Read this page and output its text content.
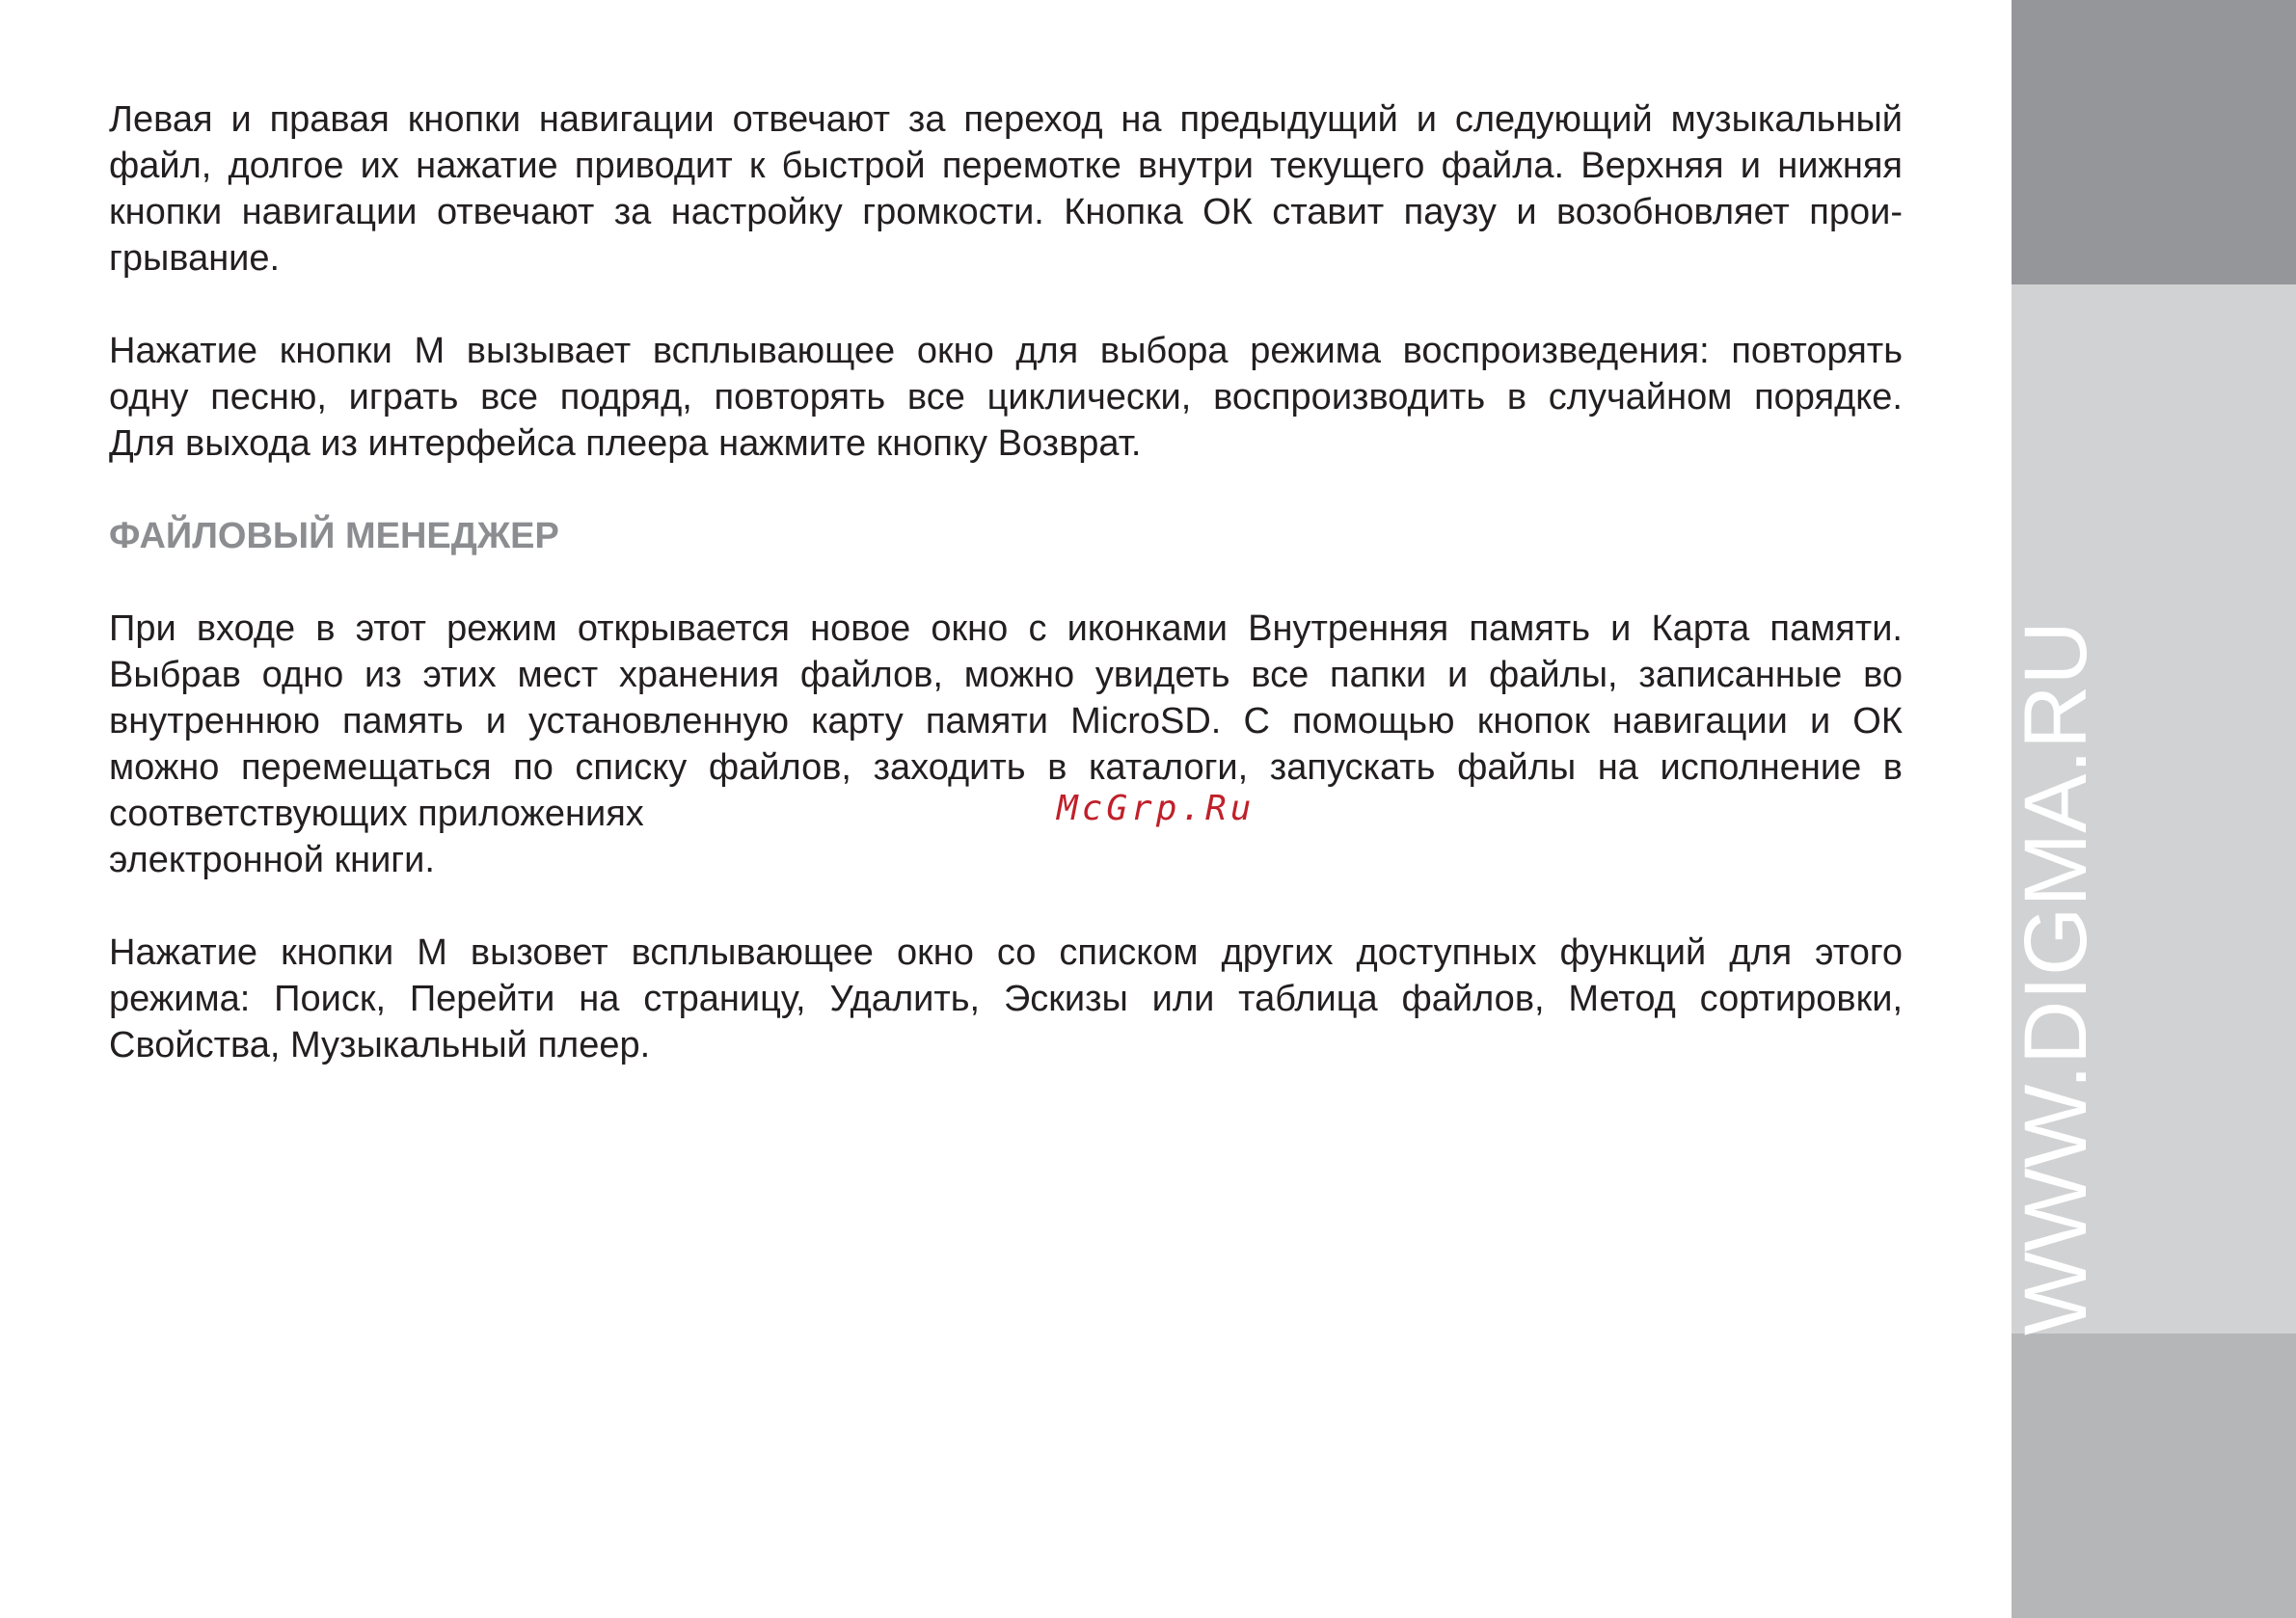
Левая и правая кнопки навигации отвечают за переход на предыдущий и следующий музыкальный
файл, долгое их нажатие приводит к быстрой перемотке внутри текущего файла. Верхняя и нижняя
кнопки навигации отвечают за настройку громкости. Кнопка ОК ставит паузу и возобновляет прои-
грывание.

Нажатие кнопки М вызывает всплывающее окно для выбора режима воспроизведения: повторять
одну песню, играть все подряд, повторять все циклически, воспроизводить в случайном порядке.
Для выхода из интерфейса плеера нажмите кнопку Возврат.

ФАЙЛОВЫЙ МЕНЕДЖЕР

При входе в этот режим открывается новое окно с иконками Внутренняя память и Карта памяти.
Выбрав одно из этих мест хранения файлов, можно увидеть все папки и файлы, записанные во
внутреннюю память и установленную карту памяти MicroSD. С помощью кнопок навигации и ОК
можно перемещаться по списку файлов, заходить в каталоги, запускать файлы на исполнение в
соответствующих приложениях
электронной книги.

Нажатие кнопки М вызовет всплывающее окно со списком других доступных функций для этого
режима: Поиск, Перейти на страницу, Удалить, Эскизы или таблица файлов, Метод сортировки,
Свойства, Музыкальный плеер.

McGrp.Ru	WWW.DIGMA.RU
